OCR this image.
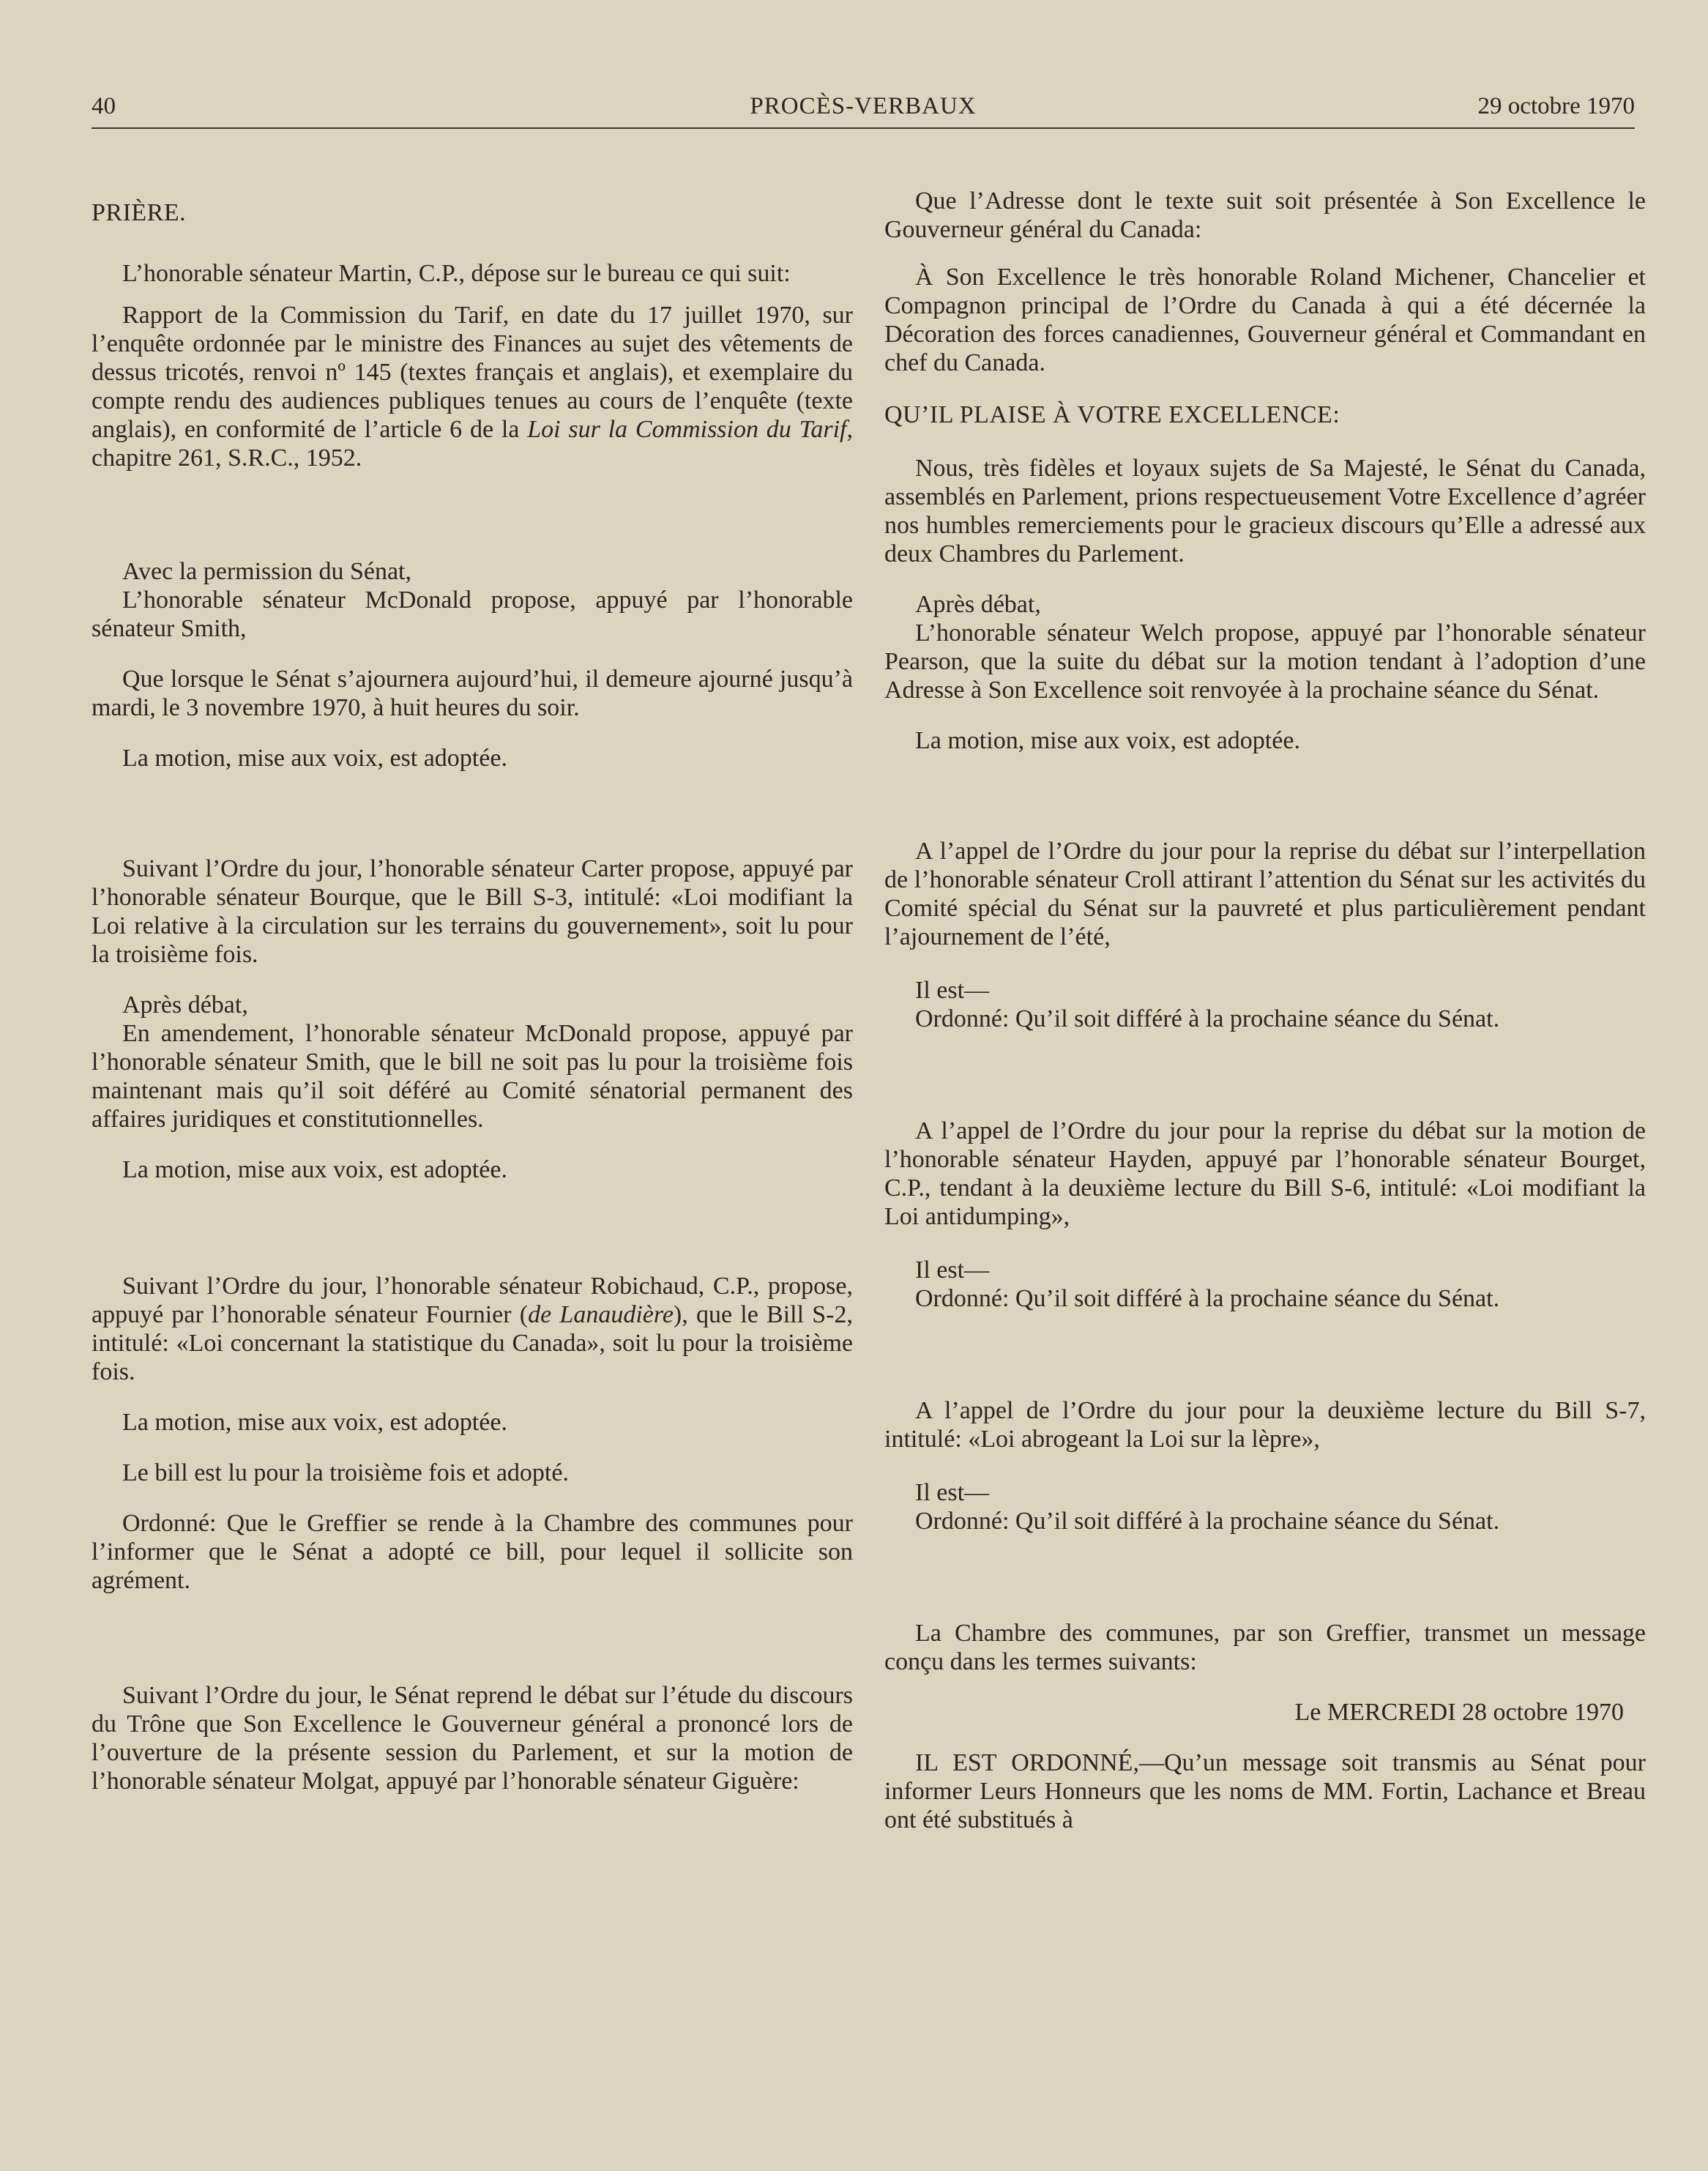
40	PROCÈS-VERBAUX	29 octobre 1970

PRIÈRE.

L’honorable sénateur Martin, C.P., dépose sur le bureau ce qui suit:

Rapport de la Commission du Tarif, en date du 17 juillet 1970, sur l’enquête ordonnée par le ministre des Finances au sujet des vêtements de dessus tricotés, renvoi nº 145 (textes français et anglais), et exemplaire du compte rendu des audiences publiques tenues au cours de l’enquête (texte anglais), en conformité de l’article 6 de la Loi sur la Commission du Tarif, chapitre 261, S.R.C., 1952.

Avec la permission du Sénat,

L’honorable sénateur McDonald propose, appuyé par l’honorable sénateur Smith,

Que lorsque le Sénat s’ajournera aujourd’hui, il demeure ajourné jusqu’à mardi, le 3 novembre 1970, à huit heures du soir.

La motion, mise aux voix, est adoptée.

Suivant l’Ordre du jour, l’honorable sénateur Carter propose, appuyé par l’honorable sénateur Bourque, que le Bill S-3, intitulé: «Loi modifiant la Loi relative à la circulation sur les terrains du gouvernement», soit lu pour la troisième fois.

Après débat,

En amendement, l’honorable sénateur McDonald propose, appuyé par l’honorable sénateur Smith, que le bill ne soit pas lu pour la troisième fois maintenant mais qu’il soit déféré au Comité sénatorial permanent des affaires juridiques et constitutionnelles.

La motion, mise aux voix, est adoptée.

Suivant l’Ordre du jour, l’honorable sénateur Robichaud, C.P., propose, appuyé par l’honorable sénateur Fournier (de Lanaudière), que le Bill S-2, intitulé: «Loi concernant la statistique du Canada», soit lu pour la troisième fois.

La motion, mise aux voix, est adoptée.

Le bill est lu pour la troisième fois et adopté.

Ordonné: Que le Greffier se rende à la Chambre des communes pour l’informer que le Sénat a adopté ce bill, pour lequel il sollicite son agrément.

Suivant l’Ordre du jour, le Sénat reprend le débat sur l’étude du discours du Trône que Son Excellence le Gouverneur général a prononcé lors de l’ouverture de la présente session du Parlement, et sur la motion de l’honorable sénateur Molgat, appuyé par l’honorable sénateur Giguère:

Que l’Adresse dont le texte suit soit présentée à Son Excellence le Gouverneur général du Canada:

À Son Excellence le très honorable Roland Michener, Chancelier et Compagnon principal de l’Ordre du Canada à qui a été décernée la Décoration des forces canadiennes, Gouverneur général et Commandant en chef du Canada.

QU’IL PLAISE À VOTRE EXCELLENCE:

Nous, très fidèles et loyaux sujets de Sa Majesté, le Sénat du Canada, assemblés en Parlement, prions respectueusement Votre Excellence d’agréer nos humbles remerciements pour le gracieux discours qu’Elle a adressé aux deux Chambres du Parlement.

Après débat,

L’honorable sénateur Welch propose, appuyé par l’honorable sénateur Pearson, que la suite du débat sur la motion tendant à l’adoption d’une Adresse à Son Excellence soit renvoyée à la prochaine séance du Sénat.

La motion, mise aux voix, est adoptée.

A l’appel de l’Ordre du jour pour la reprise du débat sur l’interpellation de l’honorable sénateur Croll attirant l’attention du Sénat sur les activités du Comité spécial du Sénat sur la pauvreté et plus particulièrement pendant l’ajournement de l’été,

Il est—

Ordonné: Qu’il soit différé à la prochaine séance du Sénat.

A l’appel de l’Ordre du jour pour la reprise du débat sur la motion de l’honorable sénateur Hayden, appuyé par l’honorable sénateur Bourget, C.P., tendant à la deuxième lecture du Bill S-6, intitulé: «Loi modifiant la Loi antidumping»,

Il est—

Ordonné: Qu’il soit différé à la prochaine séance du Sénat.

A l’appel de l’Ordre du jour pour la deuxième lecture du Bill S-7, intitulé: «Loi abrogeant la Loi sur la lèpre»,

Il est—

Ordonné: Qu’il soit différé à la prochaine séance du Sénat.

La Chambre des communes, par son Greffier, transmet un message conçu dans les termes suivants:

Le MERCREDI 28 octobre 1970

IL EST ORDONNÉ,—Qu’un message soit transmis au Sénat pour informer Leurs Honneurs que les noms de MM. Fortin, Lachance et Breau ont été substitués à
